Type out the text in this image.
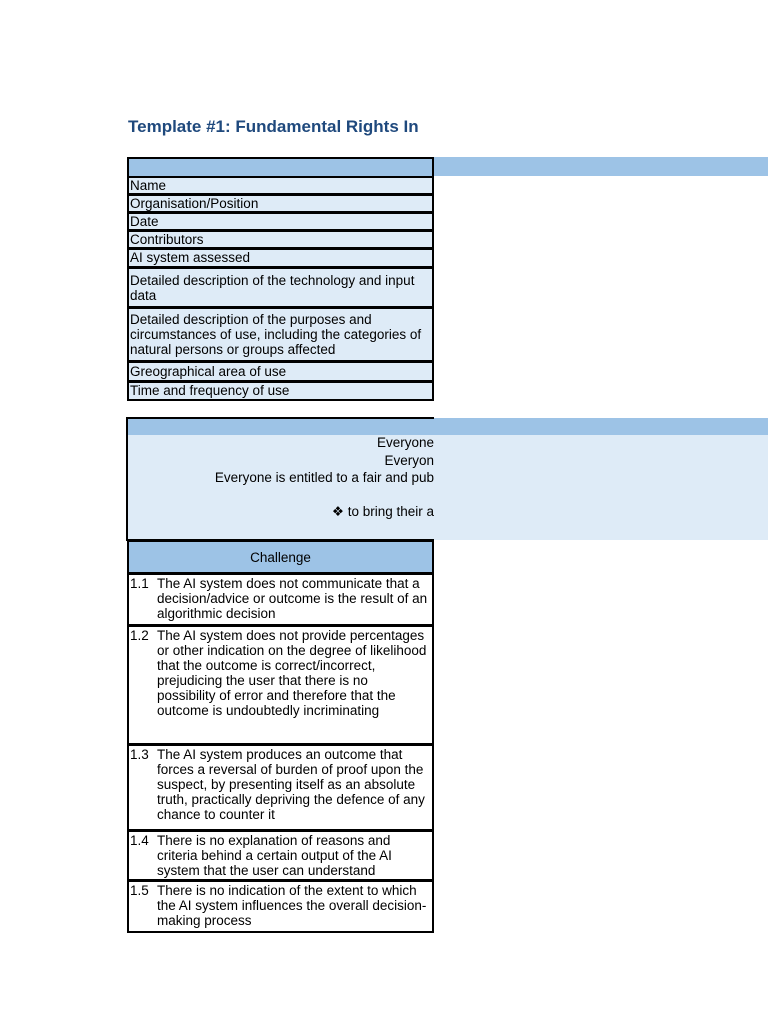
Template #1: Fundamental Rights In
Name
Organisation/Position
Date
Contributors
AI system assessed
Detailed description of the technology and input data
Detailed description of the purposes and circumstances of use, including the categories of natural persons or groups affected
Greographical area of use
Time and frequency of use
Everyone
Everyon
Everyone is entitled to a fair and pub
❖ to bring their a
Challenge
1.1 The AI system does not communicate that a decision/advice or outcome is the result of an algorithmic decision
1.2 The AI system does not provide percentages or other indication on the degree of likelihood that the outcome is correct/incorrect, prejudicing the user that there is no possibility of error and therefore that the outcome is undoubtedly incriminating
1.3 The AI system produces an outcome that forces a reversal of burden of proof upon the suspect, by presenting itself as an absolute truth, practically depriving the defence of any chance to counter it
1.4 There is no explanation of reasons and criteria behind a certain output of the AI system that the user can understand
1.5 There is no indication of the extent to which the AI system influences the overall decision-making process
